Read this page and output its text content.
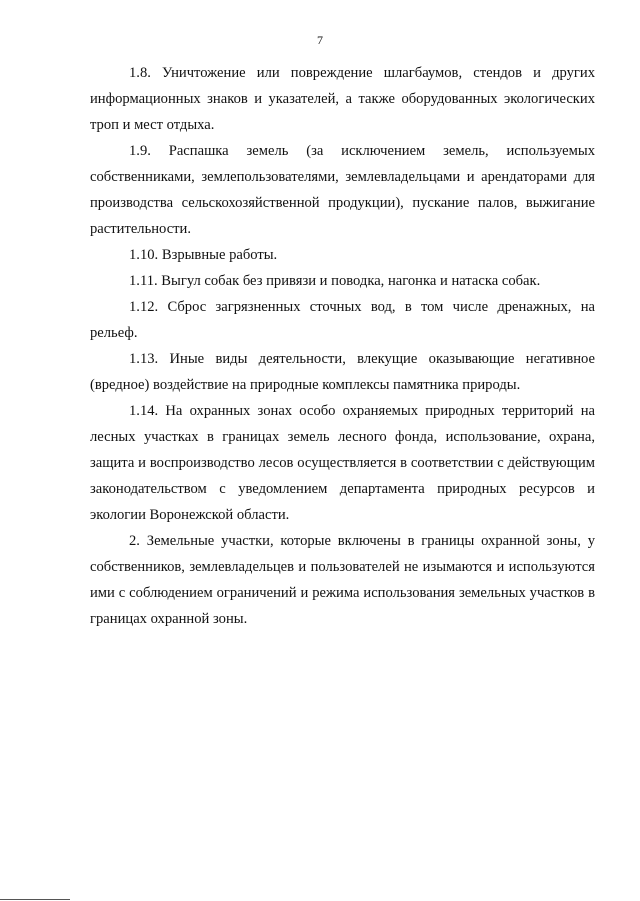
7

1.8. Уничтожение или повреждение шлагбаумов, стендов и других информационных знаков и указателей, а также оборудованных экологических троп и мест отдыха.

1.9. Распашка земель (за исключением земель, используемых собственниками, землепользователями, землевладельцами и арендаторами для производства сельскохозяйственной продукции), пускание палов, выжигание растительности.

1.10. Взрывные работы.

1.11. Выгул собак без привязи и поводка, нагонка и натаска собак.

1.12. Сброс загрязненных сточных вод, в том числе дренажных, на рельеф.

1.13. Иные виды деятельности, влекущие оказывающие негативное (вредное) воздействие на природные комплексы памятника природы.

1.14. На охранных зонах особо охраняемых природных территорий на лесных участках в границах земель лесного фонда, использование, охрана, защита и воспроизводство лесов осуществляется в соответствии с действующим законодательством с уведомлением департамента природных ресурсов и экологии Воронежской области.

2. Земельные участки, которые включены в границы охранной зоны, у собственников, землевладельцев и пользователей не изымаются и используются ими с соблюдением ограничений и режима использования земельных участков в границах охранной зоны.
